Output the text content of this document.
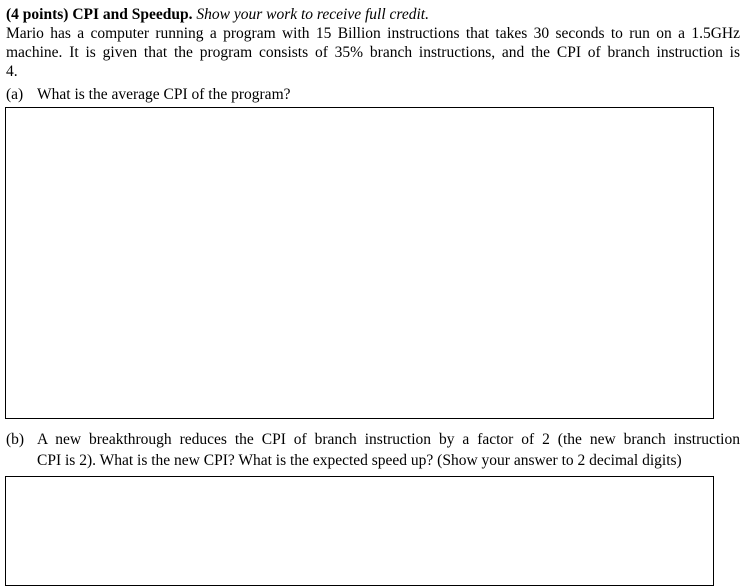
(4 points) CPI and Speedup. Show your work to receive full credit.
Mario has a computer running a program with 15 Billion instructions that takes 30 seconds to run on a 1.5GHz
machine. It is given that the program consists of 35% branch instructions, and the CPI of branch instruction is
4.
(a) What is the average CPI of the program?
(b) A new breakthrough reduces the CPI of branch instruction by a factor of 2 (the new branch instruction
CPI is 2). What is the new CPI? What is the expected speed up? (Show your answer to 2 decimal digits)
